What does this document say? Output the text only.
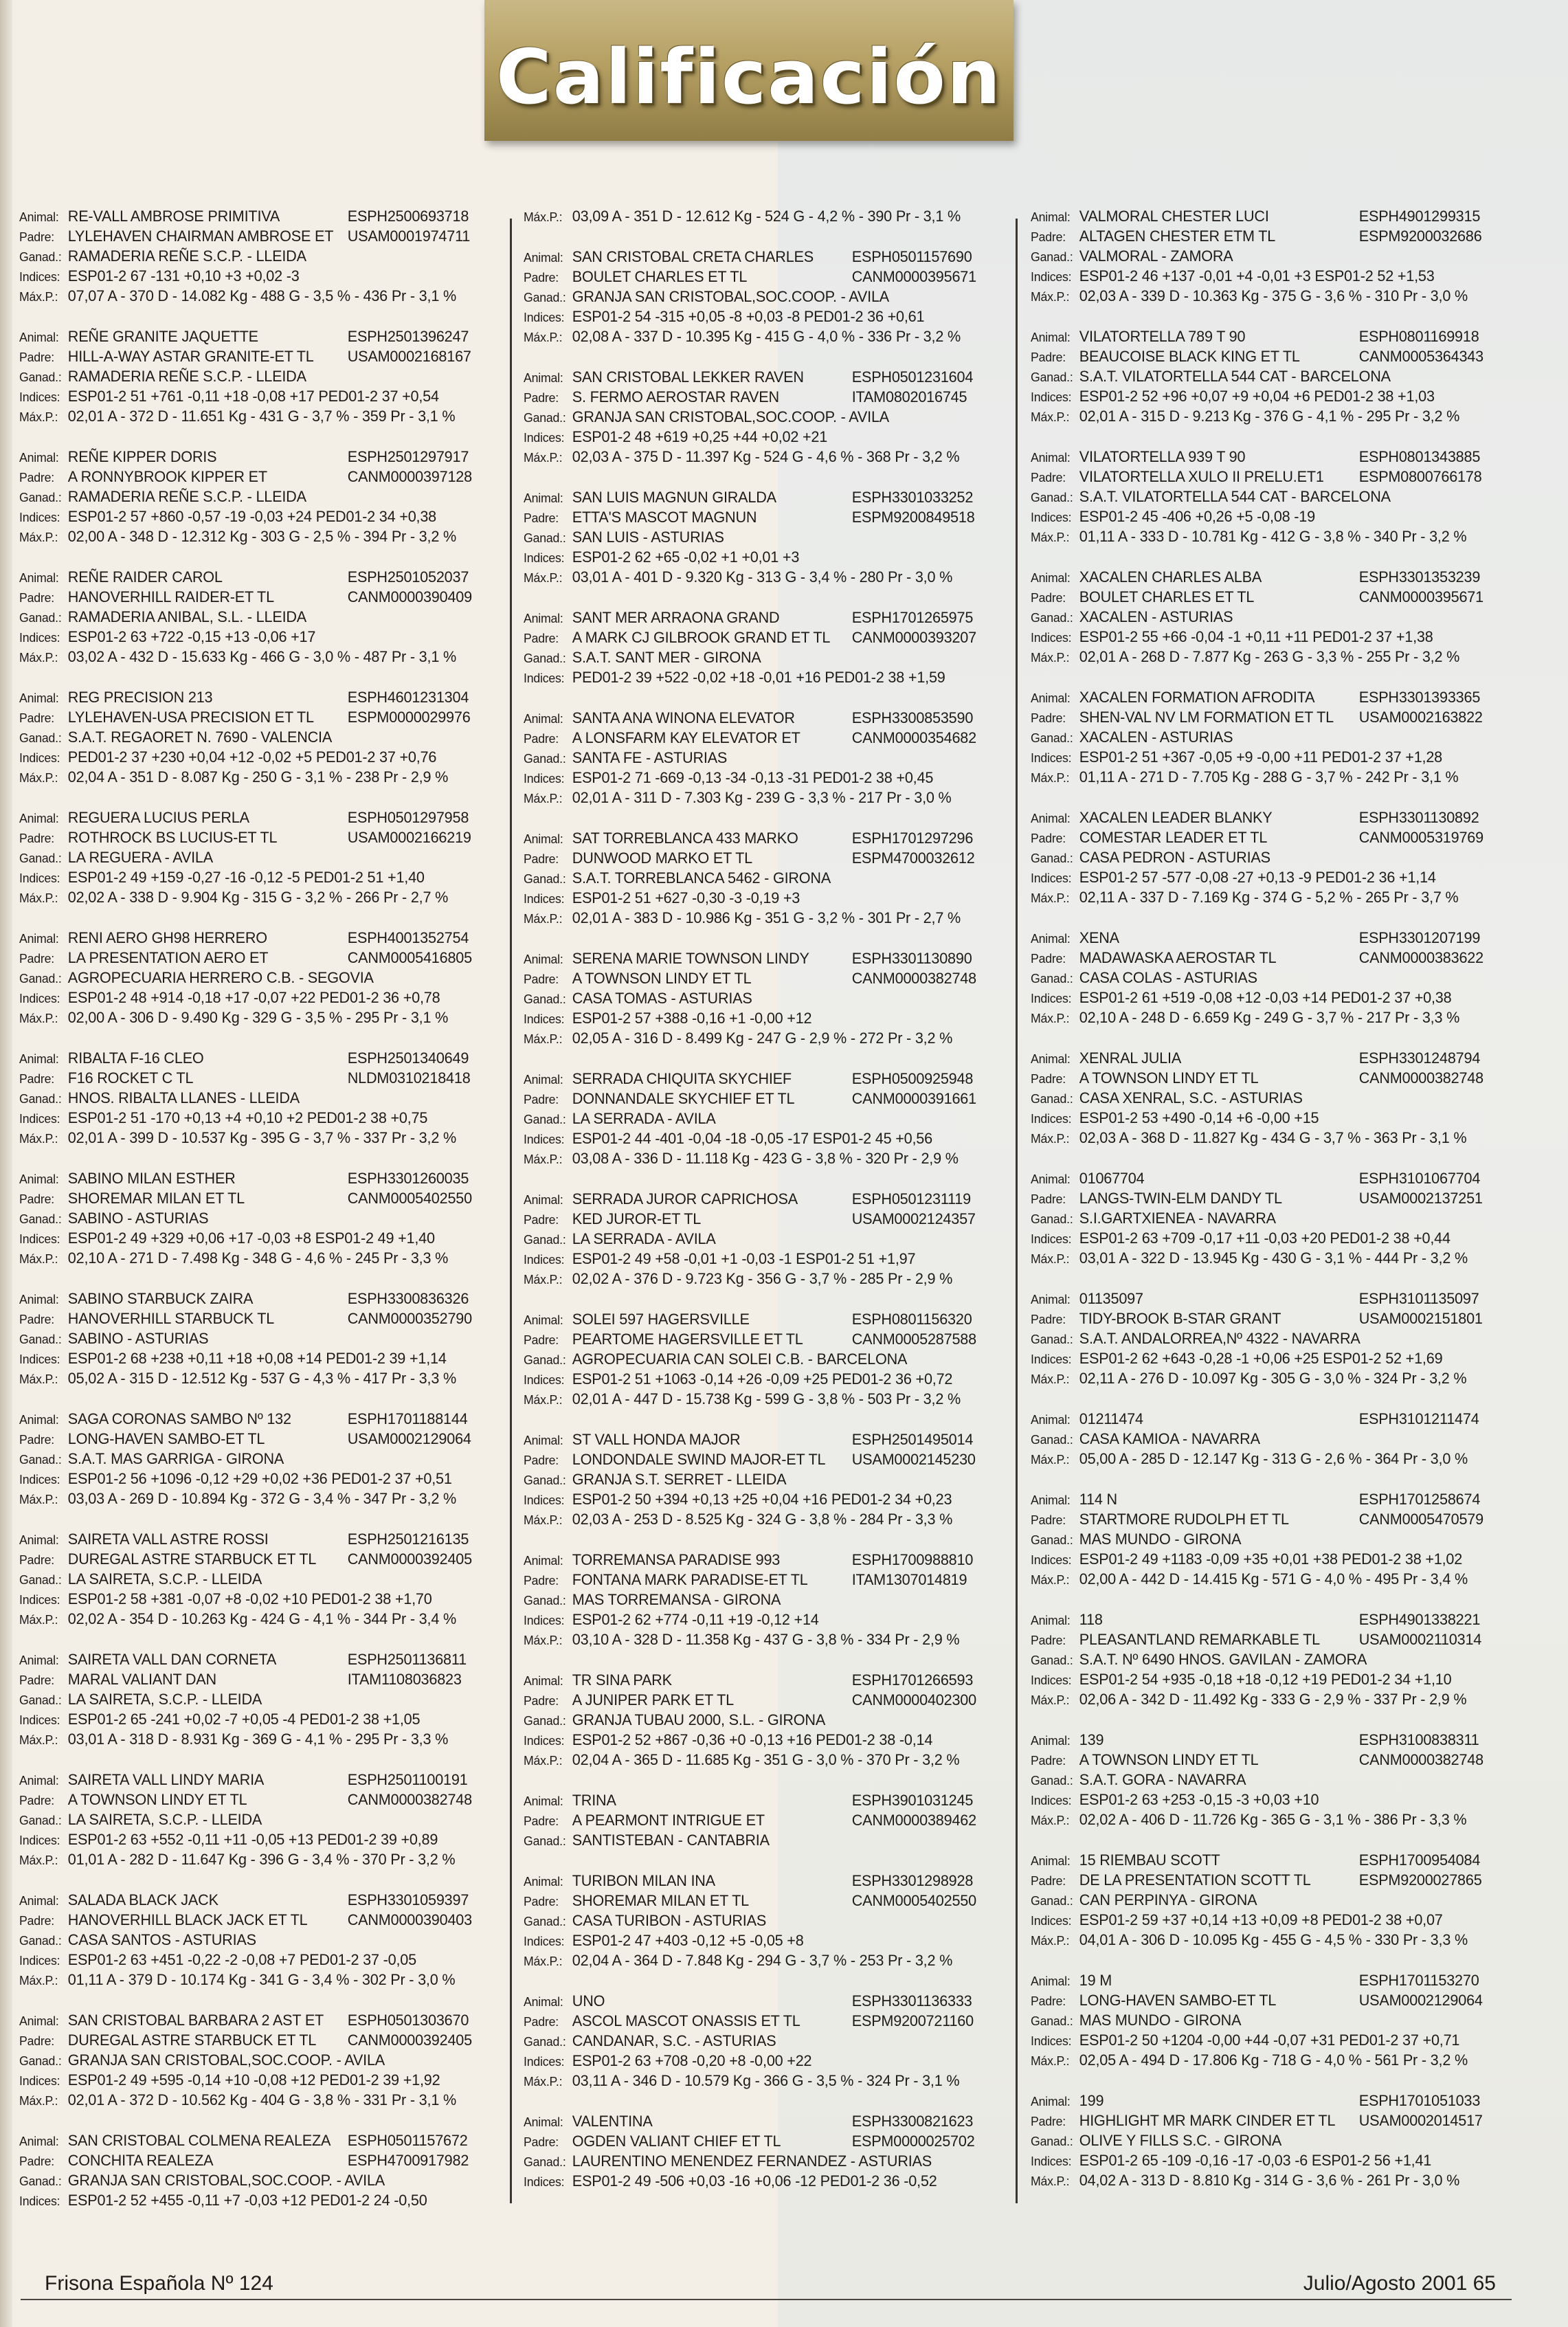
Calificación
Animal: RE-VALL AMBROSE PRIMITIVA	ESPH2500693718
Padre: LYLEHAVEN CHAIRMAN AMBROSE ET USAM0001974711
Ganad.: RAMADERIA REÑE S.C.P. - LLEIDA
Indices: ESP01-2 67 -131 +0,10 +3 +0,02 -3
Máx.P.: 07,07 A - 370 D - 14.082 Kg - 488 G - 3,5 % - 436 Pr - 3,1 %
Animal: REÑE GRANITE JAQUETTE	ESPH2501396247
Padre: HILL-A-WAY ASTAR GRANITE-ET TL USAM0002168167
Ganad.: RAMADERIA REÑE S.C.P. - LLEIDA
Indices: ESP01-2 51 +761 -0,11 +18 -0,08 +17 PED01-2 37 +0,54
Máx.P.: 02,01 A - 372 D - 11.651 Kg - 431 G - 3,7 % - 359 Pr - 3,1 %
Animal: REÑE KIPPER DORIS	ESPH2501297917
Padre: A RONNYBROOK KIPPER ET	CANM0000397128
Ganad.: RAMADERIA REÑE S.C.P. - LLEIDA
Indices: ESP01-2 57 +860 -0,57 -19 -0,03 +24 PED01-2 34 +0,38
Máx.P.: 02,00 A - 348 D - 12.312 Kg - 303 G - 2,5 % - 394 Pr - 3,2 %
Animal: REÑE RAIDER CAROL	ESPH2501052037
Padre: HANOVERHILL RAIDER-ET TL	CANM0000390409
Ganad.: RAMADERIA ANIBAL, S.L. - LLEIDA
Indices: ESP01-2 63 +722 -0,15 +13 -0,06 +17
Máx.P.: 03,02 A - 432 D - 15.633 Kg - 466 G - 3,0 % - 487 Pr - 3,1 %
Animal: REG PRECISION 213	ESPH4601231304
Padre: LYLEHAVEN-USA PRECISION ET TL ESPM0000029976
Ganad.: S.A.T. REGAORET N. 7690 - VALENCIA
Indices: PED01-2 37 +230 +0,04 +12 -0,02 +5 PED01-2 37 +0,76
Máx.P.: 02,04 A - 351 D - 8.087 Kg - 250 G - 3,1 % - 238 Pr - 2,9 %
Animal: REGUERA LUCIUS PERLA	ESPH0501297958
Padre: ROTHROCK BS LUCIUS-ET TL	USAM0002166219
Ganad.: LA REGUERA - AVILA
Indices: ESP01-2 49 +159 -0,27 -16 -0,12 -5 PED01-2 51 +1,40
Máx.P.: 02,02 A - 338 D - 9.904 Kg - 315 G - 3,2 % - 266 Pr - 2,7 %
Animal: RENI AERO GH98 HERRERO	ESPH4001352754
Padre: LA PRESENTATION AERO ET	CANM0005416805
Ganad.: AGROPECUARIA HERRERO C.B. - SEGOVIA
Indices: ESP01-2 48 +914 -0,18 +17 -0,07 +22 PED01-2 36 +0,78
Máx.P.: 02,00 A - 306 D - 9.490 Kg - 329 G - 3,5 % - 295 Pr - 3,1 %
Animal: RIBALTA F-16 CLEO	ESPH2501340649
Padre: F16 ROCKET C TL	NLDM0310218418
Ganad.: HNOS. RIBALTA LLANES - LLEIDA
Indices: ESP01-2 51 -170 +0,13 +4 +0,10 +2 PED01-2 38 +0,75
Máx.P.: 02,01 A - 399 D - 10.537 Kg - 395 G - 3,7 % - 337 Pr - 3,2 %
Animal: SABINO MILAN ESTHER	ESPH3301260035
Padre: SHOREMAR MILAN ET TL	CANM0005402550
Ganad.: SABINO - ASTURIAS
Indices: ESP01-2 49 +329 +0,06 +17 -0,03 +8 ESP01-2 49 +1,40
Máx.P.: 02,10 A - 271 D - 7.498 Kg - 348 G - 4,6 % - 245 Pr - 3,3 %
Animal: SABINO STARBUCK ZAIRA	ESPH3300836326
Padre: HANOVERHILL STARBUCK TL	CANM0000352790
Ganad.: SABINO - ASTURIAS
Indices: ESP01-2 68 +238 +0,11 +18 +0,08 +14 PED01-2 39 +1,14
Máx.P.: 05,02 A - 315 D - 12.512 Kg - 537 G - 4,3 % - 417 Pr - 3,3 %
Animal: SAGA CORONAS SAMBO Nº 132	ESPH1701188144
Padre: LONG-HAVEN SAMBO-ET TL	USAM0002129064
Ganad.: S.A.T. MAS GARRIGA - GIRONA
Indices: ESP01-2 56 +1096 -0,12 +29 +0,02 +36 PED01-2 37 +0,51
Máx.P.: 03,03 A - 269 D - 10.894 Kg - 372 G - 3,4 % - 347 Pr - 3,2 %
Animal: SAIRETA VALL ASTRE ROSSI	ESPH2501216135
Padre: DUREGAL ASTRE STARBUCK ET TL CANM0000392405
Ganad.: LA SAIRETA, S.C.P. - LLEIDA
Indices: ESP01-2 58 +381 -0,07 +8 -0,02 +10 PED01-2 38 +1,70
Máx.P.: 02,02 A - 354 D - 10.263 Kg - 424 G - 4,1 % - 344 Pr - 3,4 %
Animal: SAIRETA VALL DAN CORNETA	ESPH2501136811
Padre: MARAL VALIANT DAN	ITAM1108036823
Ganad.: LA SAIRETA, S.C.P. - LLEIDA
Indices: ESP01-2 65 -241 +0,02 -7 +0,05 -4 PED01-2 38 +1,05
Máx.P.: 03,01 A - 318 D - 8.931 Kg - 369 G - 4,1 % - 295 Pr - 3,3 %
Animal: SAIRETA VALL LINDY MARIA	ESPH2501100191
Padre: A TOWNSON LINDY ET TL	CANM0000382748
Ganad.: LA SAIRETA, S.C.P. - LLEIDA
Indices: ESP01-2 63 +552 -0,11 +11 -0,05 +13 PED01-2 39 +0,89
Máx.P.: 01,01 A - 282 D - 11.647 Kg - 396 G - 3,4 % - 370 Pr - 3,2 %
Animal: SALADA BLACK JACK	ESPH3301059397
Padre: HANOVERHILL BLACK JACK ET TL	CANM0000390403
Ganad.: CASA SANTOS - ASTURIAS
Indices: ESP01-2 63 +451 -0,22 -2 -0,08 +7 PED01-2 37 -0,05
Máx.P.: 01,11 A - 379 D - 10.174 Kg - 341 G - 3,4 % - 302 Pr - 3,0 %
Animal: SAN CRISTOBAL BARBARA 2 AST ET ESPH0501303670
Padre: DUREGAL ASTRE STARBUCK ET TL CANM0000392405
Ganad.: GRANJA SAN CRISTOBAL,SOC.COOP. - AVILA
Indices: ESP01-2 49 +595 -0,14 +10 -0,08 +12 PED01-2 39 +1,92
Máx.P.: 02,01 A - 372 D - 10.562 Kg - 404 G - 3,8 % - 331 Pr - 3,1 %
Animal: SAN CRISTOBAL COLMENA REALEZA ESPH0501157672
Padre: CONCHITA REALEZA	ESPH4700917982
Ganad.: GRANJA SAN CRISTOBAL,SOC.COOP. - AVILA
Indices: ESP01-2 52 +455 -0,11 +7 -0,03 +12 PED01-2 24 -0,50
Máx.P.: 03,09 A - 351 D - 12.612 Kg - 524 G - 4,2 % - 390 Pr - 3,1 %
Animal: SAN CRISTOBAL CRETA CHARLES	ESPH0501157690
Padre: BOULET CHARLES ET TL	CANM0000395671
Ganad.: GRANJA SAN CRISTOBAL,SOC.COOP. - AVILA
Indices: ESP01-2 54 -315 +0,05 -8 +0,03 -8 PED01-2 36 +0,61
Máx.P.: 02,08 A - 337 D - 10.395 Kg - 415 G - 4,0 % - 336 Pr - 3,2 %
Animal: SAN CRISTOBAL LEKKER RAVEN	ESPH0501231604
Padre: S. FERMO AEROSTAR RAVEN	ITAM0802016745
Ganad.: GRANJA SAN CRISTOBAL,SOC.COOP. - AVILA
Indices: ESP01-2 48 +619 +0,25 +44 +0,02 +21
Máx.P.: 02,03 A - 375 D - 11.397 Kg - 524 G - 4,6 % - 368 Pr - 3,2 %
Animal: SAN LUIS MAGNUN GIRALDA	ESPH3301033252
Padre: ETTA'S MASCOT MAGNUN	ESPM9200849518
Ganad.: SAN LUIS - ASTURIAS
Indices: ESP01-2 62 +65 -0,02 +1 +0,01 +3
Máx.P.: 03,01 A - 401 D - 9.320 Kg - 313 G - 3,4 % - 280 Pr - 3,0 %
Animal: SANT MER ARRAONA GRAND	ESPH1701265975
Padre: A MARK CJ GILBROOK GRAND ET TL CANM0000393207
Ganad.: S.A.T. SANT MER - GIRONA
Indices: PED01-2 39 +522 -0,02 +18 -0,01 +16 PED01-2 38 +1,59
Animal: SANTA ANA WINONA ELEVATOR	ESPH3300853590
Padre: A LONSFARM KAY ELEVATOR ET	CANM0000354682
Ganad.: SANTA FE - ASTURIAS
Indices: ESP01-2 71 -669 -0,13 -34 -0,13 -31 PED01-2 38 +0,45
Máx.P.: 02,01 A - 311 D - 7.303 Kg - 239 G - 3,3 % - 217 Pr - 3,0 %
Animal: SAT TORREBLANCA 433 MARKO	ESPH1701297296
Padre: DUNWOOD MARKO ET TL	ESPM4700032612
Ganad.: S.A.T. TORREBLANCA 5462 - GIRONA
Indices: ESP01-2 51 +627 -0,30 -3 -0,19 +3
Máx.P.: 02,01 A - 383 D - 10.986 Kg - 351 G - 3,2 % - 301 Pr - 2,7 %
Animal: SERENA MARIE TOWNSON LINDY	ESPH3301130890
Padre: A TOWNSON LINDY ET TL	CANM0000382748
Ganad.: CASA TOMAS - ASTURIAS
Indices: ESP01-2 57 +388 -0,16 +1 -0,00 +12
Máx.P.: 02,05 A - 316 D - 8.499 Kg - 247 G - 2,9 % - 272 Pr - 3,2 %
Animal: SERRADA CHIQUITA SKYCHIEF	ESPH0500925948
Padre: DONNANDALE SKYCHIEF ET TL	CANM0000391661
Ganad.: LA SERRADA - AVILA
Indices: ESP01-2 44 -401 -0,04 -18 -0,05 -17 ESP01-2 45 +0,56
Máx.P.: 03,08 A - 336 D - 11.118 Kg - 423 G - 3,8 % - 320 Pr - 2,9 %
Animal: SERRADA JUROR CAPRICHOSA	ESPH0501231119
Padre: KED JUROR-ET TL	USAM0002124357
Ganad.: LA SERRADA - AVILA
Indices: ESP01-2 49 +58 -0,01 +1 -0,03 -1 ESP01-2 51 +1,97
Máx.P.: 02,02 A - 376 D - 9.723 Kg - 356 G - 3,7 % - 285 Pr - 2,9 %
Animal: SOLEI 597 HAGERSVILLE	ESPH0801156320
Padre: PEARTOME HAGERSVILLE ET TL	CANM0005287588
Ganad.: AGROPECUARIA CAN SOLEI C.B. - BARCELONA
Indices: ESP01-2 51 +1063 -0,14 +26 -0,09 +25 PED01-2 36 +0,72
Máx.P.: 02,01 A - 447 D - 15.738 Kg - 599 G - 3,8 % - 503 Pr - 3,2 %
Animal: ST VALL HONDA MAJOR	ESPH2501495014
Padre: LONDONDALE SWIND MAJOR-ET TL USAM0002145230
Ganad.: GRANJA S.T. SERRET - LLEIDA
Indices: ESP01-2 50 +394 +0,13 +25 +0,04 +16 PED01-2 34 +0,23
Máx.P.: 02,03 A - 253 D - 8.525 Kg - 324 G - 3,8 % - 284 Pr - 3,3 %
Animal: TORREMANSA PARADISE 993	ESPH1700988810
Padre: FONTANA MARK PARADISE-ET TL	ITAM1307014819
Ganad.: MAS TORREMANSA - GIRONA
Indices: ESP01-2 62 +774 -0,11 +19 -0,12 +14
Máx.P.: 03,10 A - 328 D - 11.358 Kg - 437 G - 3,8 % - 334 Pr - 2,9 %
Animal: TR SINA PARK	ESPH1701266593
Padre: A JUNIPER PARK ET TL	CANM0000402300
Ganad.: GRANJA TUBAU 2000, S.L. - GIRONA
Indices: ESP01-2 52 +867 -0,36 +0 -0,13 +16 PED01-2 38 -0,14
Máx.P.: 02,04 A - 365 D - 11.685 Kg - 351 G - 3,0 % - 370 Pr - 3,2 %
Animal: TRINA	ESPH3901031245
Padre: A PEARMONT INTRIGUE ET	CANM0000389462
Ganad.: SANTISTEBAN - CANTABRIA
Animal: TURIBON MILAN INA	ESPH3301298928
Padre: SHOREMAR MILAN ET TL	CANM0005402550
Ganad.: CASA TURIBON - ASTURIAS
Indices: ESP01-2 47 +403 -0,12 +5 -0,05 +8
Máx.P.: 02,04 A - 364 D - 7.848 Kg - 294 G - 3,7 % - 253 Pr - 3,2 %
Animal: UNO	ESPH3301136333
Padre: ASCOL MASCOT ONASSIS ET TL	ESPM9200721160
Ganad.: CANDANAR, S.C. - ASTURIAS
Indices: ESP01-2 63 +708 -0,20 +8 -0,00 +22
Máx.P.: 03,11 A - 346 D - 10.579 Kg - 366 G - 3,5 % - 324 Pr - 3,1 %
Animal: VALENTINA	ESPH3300821623
Padre: OGDEN VALIANT CHIEF ET TL	ESPM0000025702
Ganad.: LAURENTINO MENENDEZ FERNANDEZ - ASTURIAS
Indices: ESP01-2 49 -506 +0,03 -16 +0,06 -12 PED01-2 36 -0,52
Animal: VALMORAL CHESTER LUCI	ESPH4901299315
Padre: ALTAGEN CHESTER ETM TL	ESPM9200032686
Ganad.: VALMORAL - ZAMORA
Indices: ESP01-2 46 +137 -0,01 +4 -0,01 +3 ESP01-2 52 +1,53
Máx.P.: 02,03 A - 339 D - 10.363 Kg - 375 G - 3,6 % - 310 Pr - 3,0 %
Animal: VILATORTELLA 789 T 90	ESPH0801169918
Padre: BEAUCOISE BLACK KING ET TL	CANM0005364343
Ganad.: S.A.T. VILATORTELLA 544 CAT - BARCELONA
Indices: ESP01-2 52 +96 +0,07 +9 +0,04 +6 PED01-2 38 +1,03
Máx.P.: 02,01 A - 315 D - 9.213 Kg - 376 G - 4,1 % - 295 Pr - 3,2 %
Animal: VILATORTELLA 939 T 90	ESPH0801343885
Padre: VILATORTELLA XULO II PRELU.ET1 ESPM0800766178
Ganad.: S.A.T. VILATORTELLA 544 CAT - BARCELONA
Indices: ESP01-2 45 -406 +0,26 +5 -0,08 -19
Máx.P.: 01,11 A - 333 D - 10.781 Kg - 412 G - 3,8 % - 340 Pr - 3,2 %
Animal: XACALEN CHARLES ALBA	ESPH3301353239
Padre: BOULET CHARLES ET TL	CANM0000395671
Ganad.: XACALEN - ASTURIAS
Indices: ESP01-2 55 +66 -0,04 -1 +0,11 +11 PED01-2 37 +1,38
Máx.P.: 02,01 A - 268 D - 7.877 Kg - 263 G - 3,3 % - 255 Pr - 3,2 %
Animal: XACALEN FORMATION AFRODITA	ESPH3301393365
Padre: SHEN-VAL NV LM FORMATION ET TL USAM0002163822
Ganad.: XACALEN - ASTURIAS
Indices: ESP01-2 51 +367 -0,05 +9 -0,00 +11 PED01-2 37 +1,28
Máx.P.: 01,11 A - 271 D - 7.705 Kg - 288 G - 3,7 % - 242 Pr - 3,1 %
Animal: XACALEN LEADER BLANKY	ESPH3301130892
Padre: COMESTAR LEADER ET TL	CANM0005319769
Ganad.: CASA PEDRON - ASTURIAS
Indices: ESP01-2 57 -577 -0,08 -27 +0,13 -9 PED01-2 36 +1,14
Máx.P.: 02,11 A - 337 D - 7.169 Kg - 374 G - 5,2 % - 265 Pr - 3,7 %
Animal: XENA	ESPH3301207199
Padre: MADAWASKA AEROSTAR TL	CANM0000383622
Ganad.: CASA COLAS - ASTURIAS
Indices: ESP01-2 61 +519 -0,08 +12 -0,03 +14 PED01-2 37 +0,38
Máx.P.: 02,10 A - 248 D - 6.659 Kg - 249 G - 3,7 % - 217 Pr - 3,3 %
Animal: XENRAL JULIA	ESPH3301248794
Padre: A TOWNSON LINDY ET TL	CANM0000382748
Ganad.: CASA XENRAL, S.C. - ASTURIAS
Indices: ESP01-2 53 +490 -0,14 +6 -0,00 +15
Máx.P.: 02,03 A - 368 D - 11.827 Kg - 434 G - 3,7 % - 363 Pr - 3,1 %
Animal: 01067704	ESPH3101067704
Padre: LANGS-TWIN-ELM DANDY TL	USAM0002137251
Ganad.: S.I.GARTXIENEA - NAVARRA
Indices: ESP01-2 63 +709 -0,17 +11 -0,03 +20 PED01-2 38 +0,44
Máx.P.: 03,01 A - 322 D - 13.945 Kg - 430 G - 3,1 % - 444 Pr - 3,2 %
Animal: 01135097	ESPH3101135097
Padre: TIDY-BROOK B-STAR GRANT	USAM0002151801
Ganad.: S.A.T. ANDALORREA,Nº 4322 - NAVARRA
Indices: ESP01-2 62 +643 -0,28 -1 +0,06 +25 ESP01-2 52 +1,69
Máx.P.: 02,11 A - 276 D - 10.097 Kg - 305 G - 3,0 % - 324 Pr - 3,2 %
Animal: 01211474	ESPH3101211474
Ganad.: CASA KAMIOA - NAVARRA
Máx.P.: 05,00 A - 285 D - 12.147 Kg - 313 G - 2,6 % - 364 Pr - 3,0 %
Animal: 114 N	ESPH1701258674
Padre: STARTMORE RUDOLPH ET TL	CANM0005470579
Ganad.: MAS MUNDO - GIRONA
Indices: ESP01-2 49 +1183 -0,09 +35 +0,01 +38 PED01-2 38 +1,02
Máx.P.: 02,00 A - 442 D - 14.415 Kg - 571 G - 4,0 % - 495 Pr - 3,4 %
Animal: 118	ESPH4901338221
Padre: PLEASANTLAND REMARKABLE TL	USAM0002110314
Ganad.: S.A.T. Nº 6490 HNOS. GAVILAN - ZAMORA
Indices: ESP01-2 54 +935 -0,18 +18 -0,12 +19 PED01-2 34 +1,10
Máx.P.: 02,06 A - 342 D - 11.492 Kg - 333 G - 2,9 % - 337 Pr - 2,9 %
Animal: 139	ESPH3100838311
Padre: A TOWNSON LINDY ET TL	CANM0000382748
Ganad.: S.A.T. GORA - NAVARRA
Indices: ESP01-2 63 +253 -0,15 -3 +0,03 +10
Máx.P.: 02,02 A - 406 D - 11.726 Kg - 365 G - 3,1 % - 386 Pr - 3,3 %
Animal: 15 RIEMBAU SCOTT	ESPH1700954084
Padre: DE LA PRESENTATION SCOTT TL	ESPM9200027865
Ganad.: CAN PERPINYA - GIRONA
Indices: ESP01-2 59 +37 +0,14 +13 +0,09 +8 PED01-2 38 +0,07
Máx.P.: 04,01 A - 306 D - 10.095 Kg - 455 G - 4,5 % - 330 Pr - 3,3 %
Animal: 19 M	ESPH1701153270
Padre: LONG-HAVEN SAMBO-ET TL	USAM0002129064
Ganad.: MAS MUNDO - GIRONA
Indices: ESP01-2 50 +1204 -0,00 +44 -0,07 +31 PED01-2 37 +0,71
Máx.P.: 02,05 A - 494 D - 17.806 Kg - 718 G - 4,0 % - 561 Pr - 3,2 %
Animal: 199	ESPH1701051033
Padre: HIGHLIGHT MR MARK CINDER ET TL USAM0002014517
Ganad.: OLIVE Y FILLS S.C. - GIRONA
Indices: ESP01-2 65 -109 -0,16 -17 -0,03 -6 ESP01-2 56 +1,41
Máx.P.: 04,02 A - 313 D - 8.810 Kg - 314 G - 3,6 % - 261 Pr - 3,0 %
Frisona Española Nº 124	Julio/Agosto 2001 65
